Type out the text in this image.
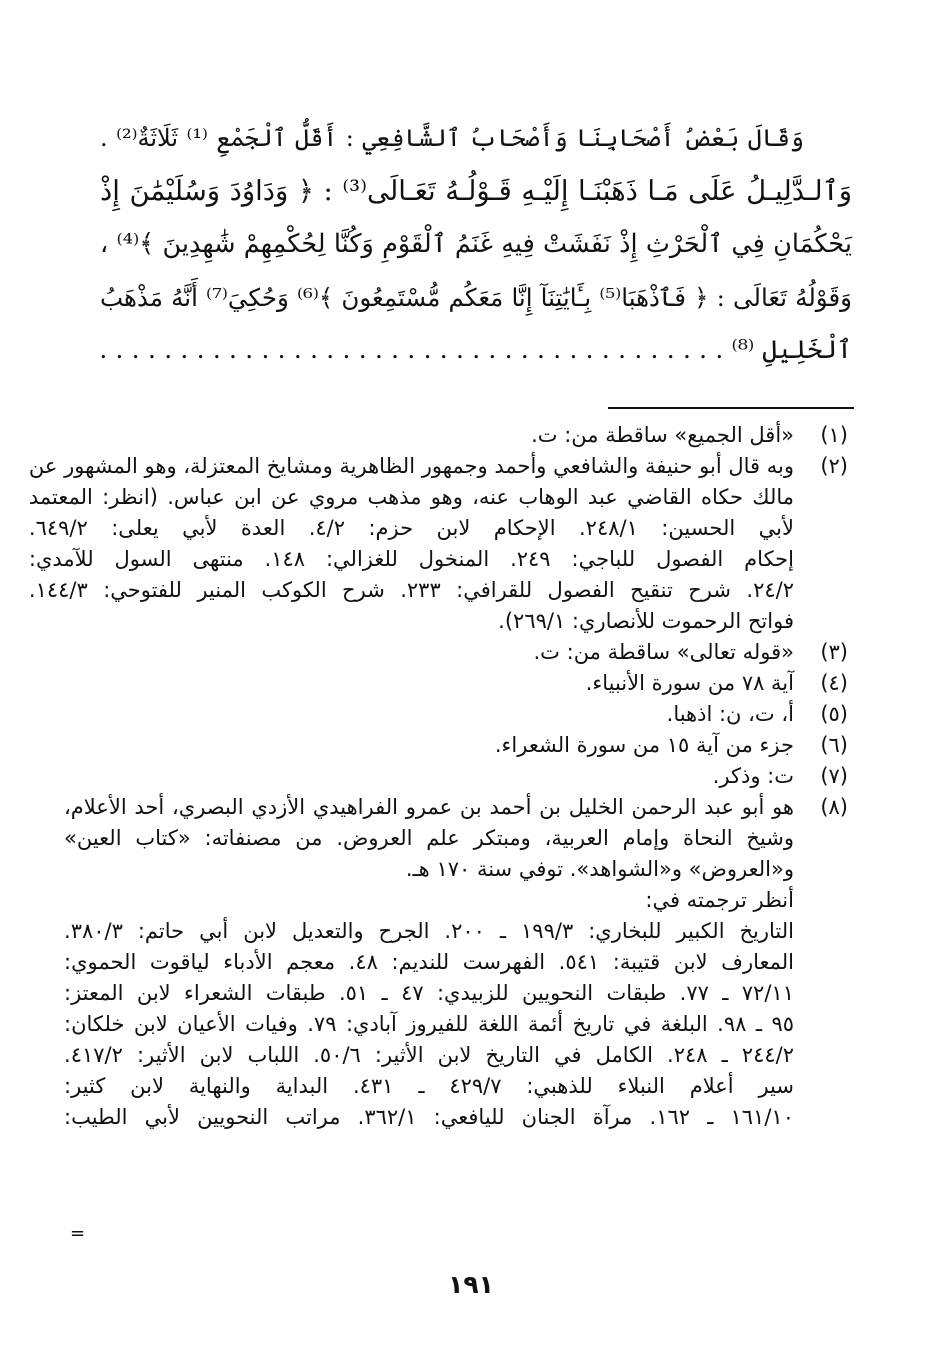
وَقَالَ بَعْضُ أَصْحَابِنَا وَأَصْحَابُ ٱلشَّافِعِي : أَقَلُّ ٱلْجَمْعِ ⁽¹⁾ ثَلَاثَةٌ⁽²⁾ .
وَٱلـدَّلِيـلُ عَلَى مَـا ذَهَبْنَـا إِلَيْـهِ قَـوْلُـهُ تَعَـالَى⁽³⁾ : ﴿ وَدَاوُدَ وَسُلَيْمَٰنَ إِذْ
يَحْكُمَانِ فِي ٱلْحَرْثِ إِذْ نَفَشَتْ فِيهِ غَنَمُ ٱلْقَوْمِ وَكُنَّا لِحُكْمِهِمْ شَٰهِدِينَ ﴾⁽⁴⁾ ،
وَقَوْلُهُ تَعَالَى : ﴿ فَٱذْهَبَا⁽⁵⁾ بِـَٔايَٰتِنَآ إِنَّا مَعَكُم مُّسْتَمِعُونَ ﴾⁽⁶⁾ وَحُكِيَ⁽⁷⁾ أَنَّهُ مَذْهَبُ
ٱلْخَلِيلِ ⁽⁸⁾ . . . . . . . . . . . . . . . . . . . . . . . . . . . . . . . . . . . . . . .
(١)
«أقل الجميع» ساقطة من: ت.
(٢)
وبه قال أبو حنيفة والشافعي وأحمد وجمهور الظاهرية ومشايخ المعتزلة، وهو المشهور عن
مالك حكاه القاضي عبد الوهاب عنه، وهو مذهب مروي عن ابن عباس. (انظر: المعتمد
لأبي الحسين: ٢٤٨/١. الإحكام لابن حزم: ٤/٢. العدة لأبي يعلى: ٦٤٩/٢.
إحكام الفصول للباجي: ٢٤٩. المنخول للغزالي: ١٤٨. منتهى السول للآمدي:
٢٤/٢. شرح تنقيح الفصول للقرافي: ٢٣٣. شرح الكوكب المنير للفتوحي: ١٤٤/٣.
فواتح الرحموت للأنصاري: ٢٦٩/١).
(٣)
«قوله تعالى» ساقطة من: ت.
(٤)
آية ٧٨ من سورة الأنبياء.
(٥)
أ، ت، ن: اذهبا.
(٦)
جزء من آية ١٥ من سورة الشعراء.
(٧)
ت: وذكر.
(٨)
هو أبو عبد الرحمن الخليل بن أحمد بن عمرو الفراهيدي الأزدي البصري، أحد الأعلام،
وشيخ النحاة وإمام العربية، ومبتكر علم العروض. من مصنفاته: «كتاب العين»
و«العروض» و«الشواهد». توفي سنة ١٧٠ هـ.
أنظر ترجمته في:
التاريخ الكبير للبخاري: ١٩٩/٣ ـ ٢٠٠. الجرح والتعديل لابن أبي حاتم: ٣٨٠/٣.
المعارف لابن قتيبة: ٥٤١. الفهرست للنديم: ٤٨. معجم الأدباء لياقوت الحموي:
٧٢/١١ ـ ٧٧. طبقات النحويين للزبيدي: ٤٧ ـ ٥١. طبقات الشعراء لابن المعتز:
٩٥ ـ ٩٨. البلغة في تاريخ أئمة اللغة للفيروز آبادي: ٧٩. وفيات الأعيان لابن خلكان:
٢٤٤/٢ ـ ٢٤٨. الكامل في التاريخ لابن الأثير: ٥٠/٦. اللباب لابن الأثير: ٤١٧/٢.
سير أعلام النبلاء للذهبي: ٤٢٩/٧ ـ ٤٣١. البداية والنهاية لابن كثير:
١٦١/١٠ ـ ١٦٢. مرآة الجنان لليافعي: ٣٦٢/١. مراتب النحويين لأبي الطيب:
=
١٩١
